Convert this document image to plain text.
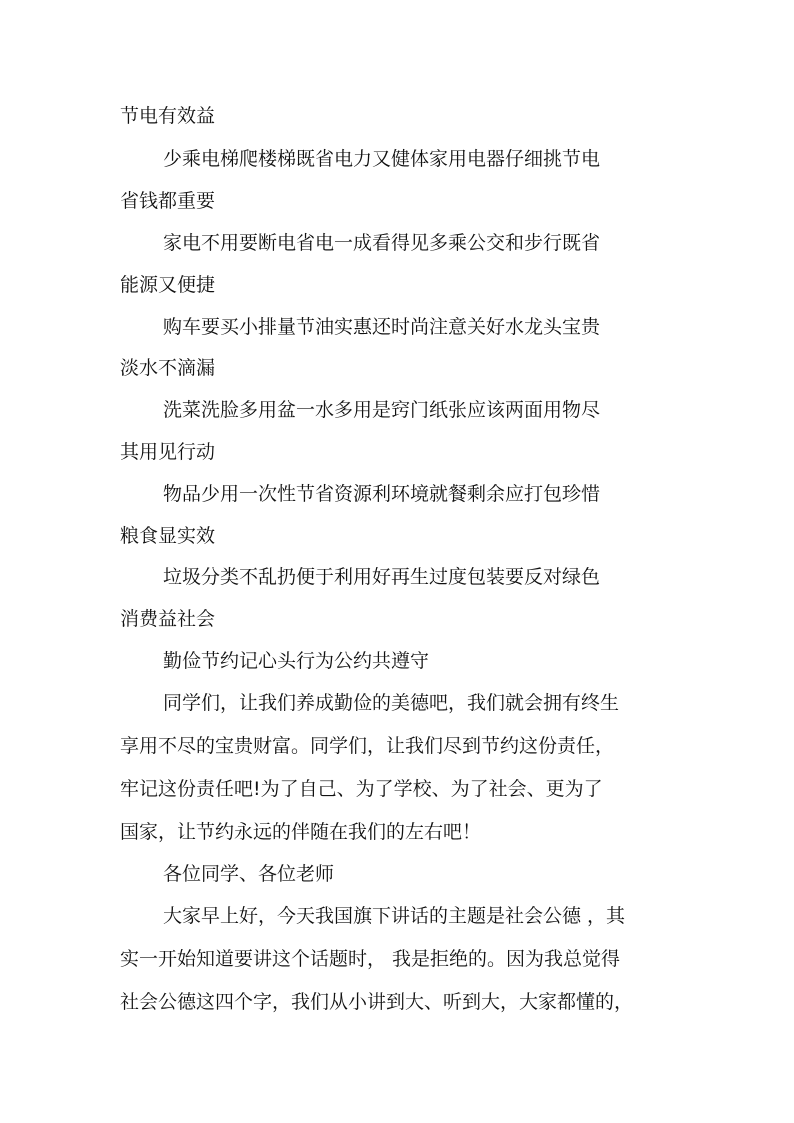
节电有效益

少乘电梯爬楼梯既省电力又健体家用电器仔细挑节电

省钱都重要

家电不用要断电省电一成看得见多乘公交和步行既省

能源又便捷

购车要买小排量节油实惠还时尚注意关好水龙头宝贵

淡水不滴漏

洗菜洗脸多用盆一水多用是窍门纸张应该两面用物尽

其用见行动

物品少用一次性节省资源利环境就餐剩余应打包珍惜

粮食显实效

垃圾分类不乱扔便于利用好再生过度包装要反对绿色

消费益社会

勤俭节约记心头行为公约共遵守

同学们，让我们养成勤俭的美德吧，我们就会拥有终生

享用不尽的宝贵财富。同学们，让我们尽到节约这份责任，

牢记这份责任吧!为了自己、为了学校、为了社会、更为了

国家，让节约永远的伴随在我们的左右吧！

各位同学、各位老师

大家早上好，今天我国旗下讲话的主题是社会公德 ，其

实一开始知道要讲这个话题时， 我是拒绝的。因为我总觉得

社会公德这四个字，我们从小讲到大、听到大，大家都懂的，
